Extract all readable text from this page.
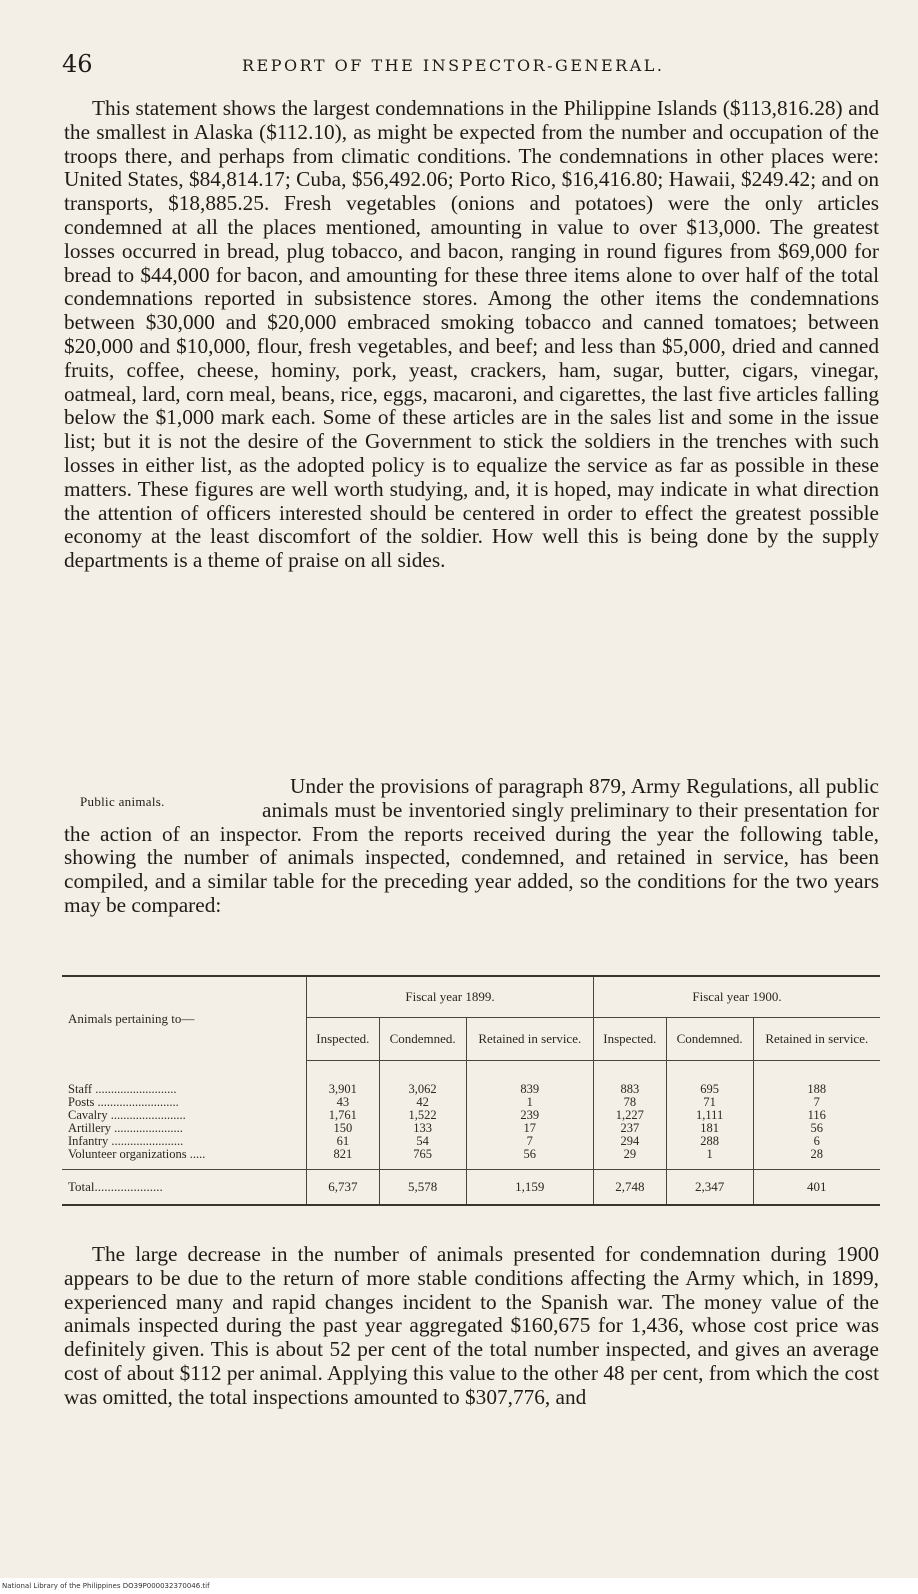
46	REPORT OF THE INSPECTOR-GENERAL.

This statement shows the largest condemnations in the Philippine Islands ($113,816.28) and the smallest in Alaska ($112.10), as might be expected from the number and occupation of the troops there, and perhaps from climatic conditions. The condemnations in other places were: United States, $84,814.17; Cuba, $56,492.06; Porto Rico, $16,416.80; Hawaii, $249.42; and on transports, $18,885.25. Fresh vegetables (onions and potatoes) were the only articles condemned at all the places mentioned, amounting in value to over $13,000. The greatest losses occurred in bread, plug tobacco, and bacon, ranging in round figures from $69,000 for bread to $44,000 for bacon, and amounting for these three items alone to over half of the total condemnations reported in subsistence stores. Among the other items the condemnations between $30,000 and $20,000 embraced smoking tobacco and canned tomatoes; between $20,000 and $10,000, flour, fresh vegetables, and beef; and less than $5,000, dried and canned fruits, coffee, cheese, hominy, pork, yeast, crackers, ham, sugar, butter, cigars, vinegar, oatmeal, lard, corn meal, beans, rice, eggs, macaroni, and cigarettes, the last five articles falling below the $1,000 mark each. Some of these articles are in the sales list and some in the issue list; but it is not the desire of the Government to stick the soldiers in the trenches with such losses in either list, as the adopted policy is to equalize the service as far as possible in these matters. These figures are well worth studying, and, it is hoped, may indicate in what direction the attention of officers interested should be centered in order to effect the greatest possible economy at the least discomfort of the soldier. How well this is being done by the supply departments is a theme of praise on all sides.

Public animals.

Under the provisions of paragraph 879, Army Regulations, all public animals must be inventoried singly preliminary to their presentation for the action of an inspector. From the reports received during the year the following table, showing the number of animals inspected, condemned, and retained in service, has been compiled, and a similar table for the preceding year added, so the conditions for the two years may be compared:

Animals pertaining to—	Fiscal year 1899.			Fiscal year 1900.		
	Inspected.	Condemned.	Retained in service.	Inspected.	Condemned.	Retained in service.
Staff ..........................	3,901	3,062	839	883	695	188
Posts ..........................	43	42	1	78	71	7
Cavalry ........................	1,761	1,522	239	1,227	1,111	116
Artillery ......................	150	133	17	237	181	56
Infantry .......................	61	54	7	294	288	6
Volunteer organizations .....	821	765	56	29	1	28
Total.....................	6,737	5,578	1,159	2,748	2,347	401

The large decrease in the number of animals presented for condemnation during 1900 appears to be due to the return of more stable conditions affecting the Army which, in 1899, experienced many and rapid changes incident to the Spanish war. The money value of the animals inspected during the past year aggregated $160,675 for 1,436, whose cost price was definitely given. This is about 52 per cent of the total number inspected, and gives an average cost of about $112 per animal. Applying this value to the other 48 per cent, from which the cost was omitted, the total inspections amounted to $307,776, and

National Library of the Philippines DO39P000032370046.tif
